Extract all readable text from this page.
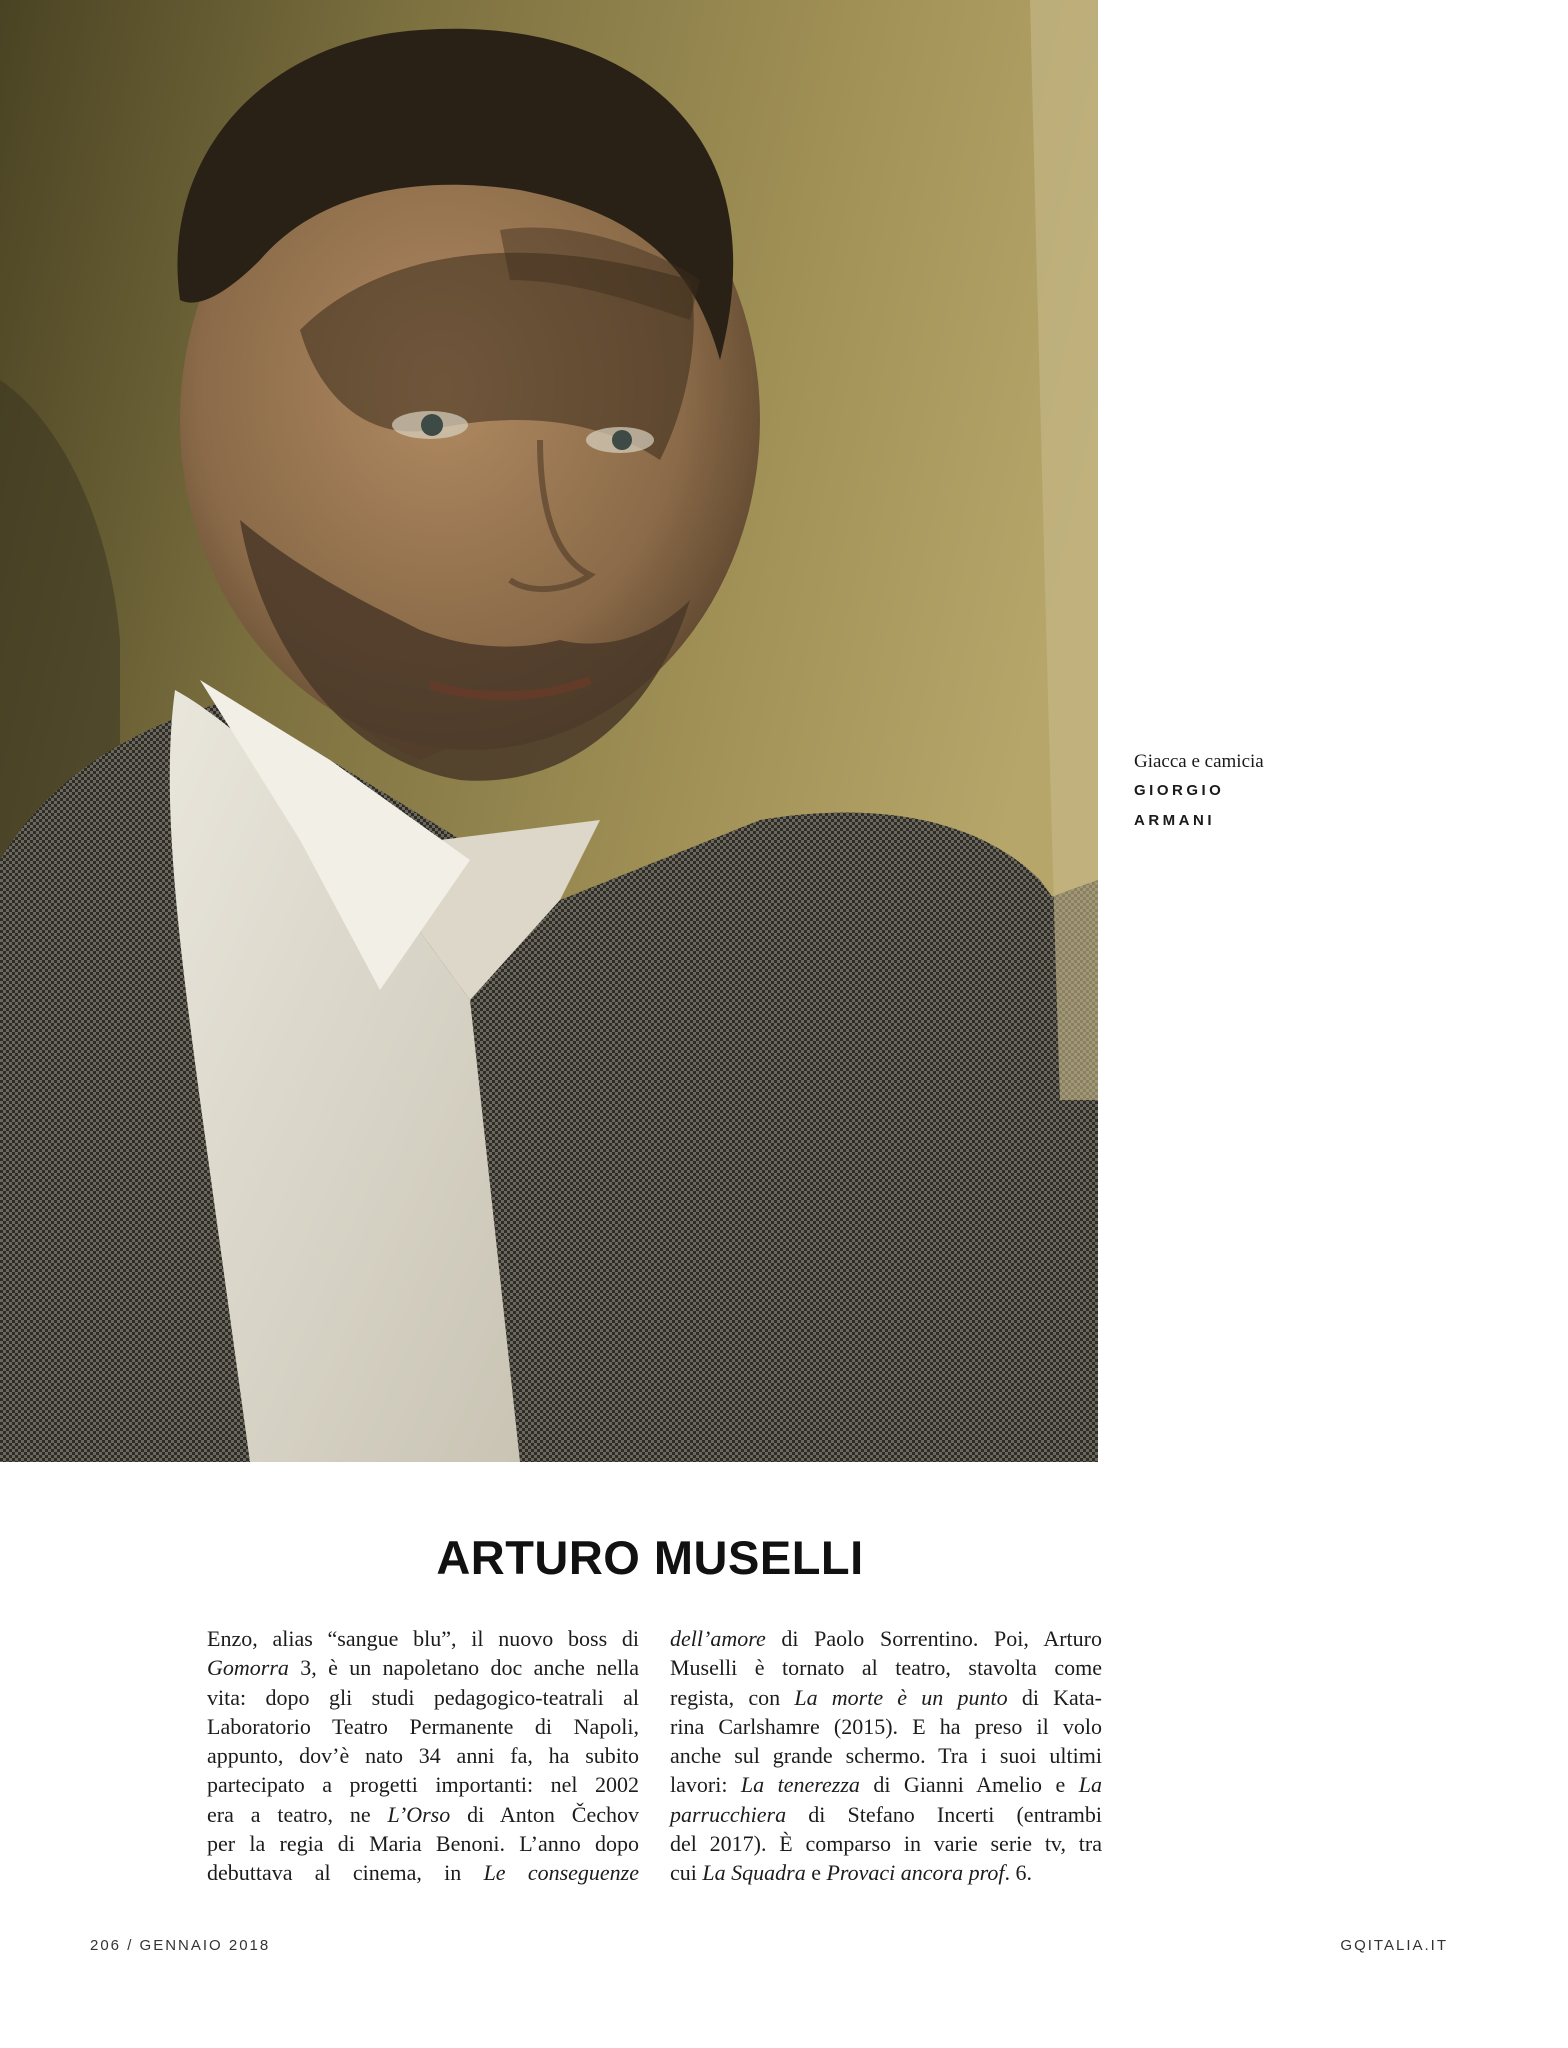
Giacca e camicia
GIORGIO
ARMANI
ARTURO MUSELLI
Enzo, alias “sangue blu”, il nuovo boss di
Gomorra 3, è un napoletano doc anche nella
vita: dopo gli studi pedagogico-teatrali al
Laboratorio Teatro Permanente di Napoli,
appunto, dov’è nato 34 anni fa, ha subito
partecipato a progetti importanti: nel 2002
era a teatro, ne L’Orso di Anton Čechov
per la regia di Maria Benoni. L’anno dopo
debuttava al cinema, in Le conseguenze
dell’amore di Paolo Sorrentino. Poi, Arturo
Muselli è tornato al teatro, stavolta come
regista, con La morte è un punto di Kata-
rina Carlshamre (2015). E ha preso il volo
anche sul grande schermo. Tra i suoi ultimi
lavori: La tenerezza di Gianni Amelio e La
parrucchiera di Stefano Incerti (entrambi
del 2017). È comparso in varie serie tv, tra
cui La Squadra e Provaci ancora prof. 6.
206 / GENNAIO 2018	GQITALIA.IT
